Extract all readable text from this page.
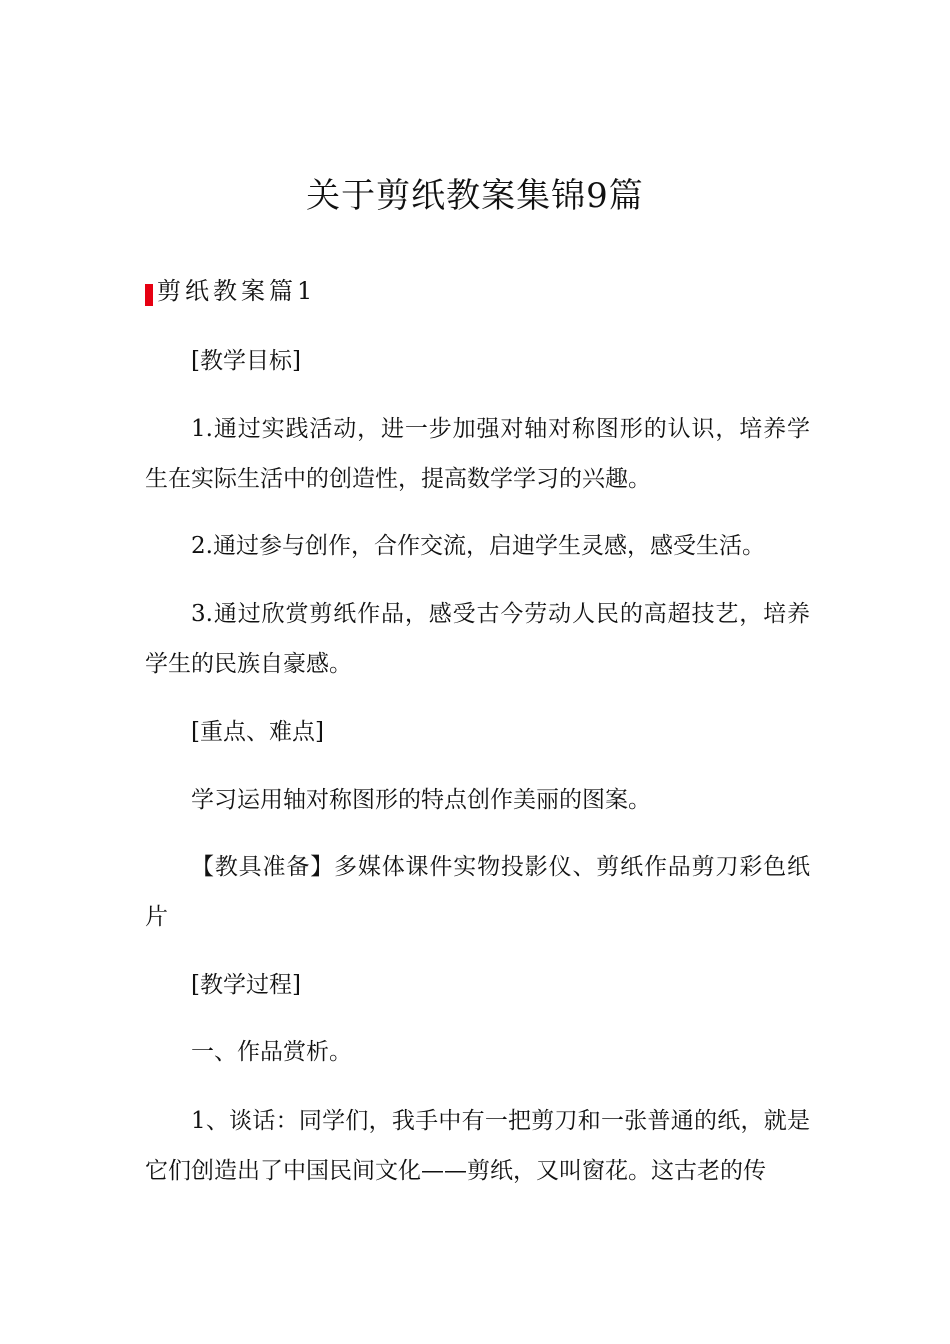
关于剪纸教案集锦9篇
剪纸教案篇1

[教学目标]

1.通过实践活动，进一步加强对轴对称图形的认识，培养学生在实际生活中的创造性，提高数学学习的兴趣。

2.通过参与创作，合作交流，启迪学生灵感，感受生活。

3.通过欣赏剪纸作品，感受古今劳动人民的高超技艺，培养学生的民族自豪感。

[重点、难点]

学习运用轴对称图形的特点创作美丽的图案。

【教具准备】多媒体课件实物投影仪、剪纸作品剪刀彩色纸片

[教学过程]

一、作品赏析。

1、谈话：同学们，我手中有一把剪刀和一张普通的纸，就是它们创造出了中国民间文化——剪纸，又叫窗花。这古老的传
